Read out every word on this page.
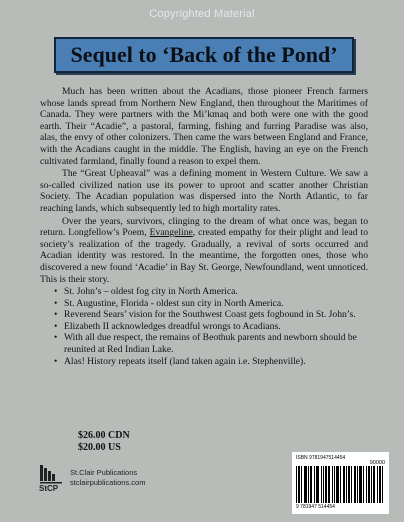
Copyrighted Material
Sequel to ‘Back of the Pond’

Much has been written about the Acadians, those pioneer French farmers whose lands spread from Northern New England, then throughout the Maritimes of Canada. They were partners with the Mi’kmaq and both were one with the good earth. Their “Acadie”, a pastoral, farming, fishing and furring Paradise was also, alas, the envy of other colonizers. Then came the wars between England and France, with the Acadians caught in the middle. The English, having an eye on the French cultivated farmland, finally found a reason to expel them.

The “Great Upheaval” was a defining moment in Western Culture. We saw a so-called civilized nation use its power to uproot and scatter another Christian Society. The Acadian population was dispersed into the North Atlantic, to far reaching lands, which subsequently led to high mortality rates.

Over the years, survivors, clinging to the dream of what once was, began to return. Longfellow’s Poem, Evangeline, created empathy for their plight and lead to society’s realization of the tragedy. Gradually, a revival of sorts occurred and Acadian identity was restored. In the meantime, the forgotten ones, those who discovered a new found ‘Acadie’ in Bay St. George, Newfoundland, went unnoticed. This is their story.

• St. John’s – oldest fog city in North America.
• St. Augustine, Florida - oldest sun city in North America.
• Reverend Sears’ vision for the Southwest Coast gets fogbound in St. John’s.
• Elizabeth II acknowledges dreadful wrongs to Acadians.
• With all due respect, the remains of Beothuk parents and newborn should be reunited at Red Indian Lake.
• Alas! History repeats itself (land taken again i.e. Stephenville).
$26.00 CDN
$20.00 US
StCP
St.Clair Publications
stclairpublications.com
ISBN 9781947514454
90000
9 781947 514454
